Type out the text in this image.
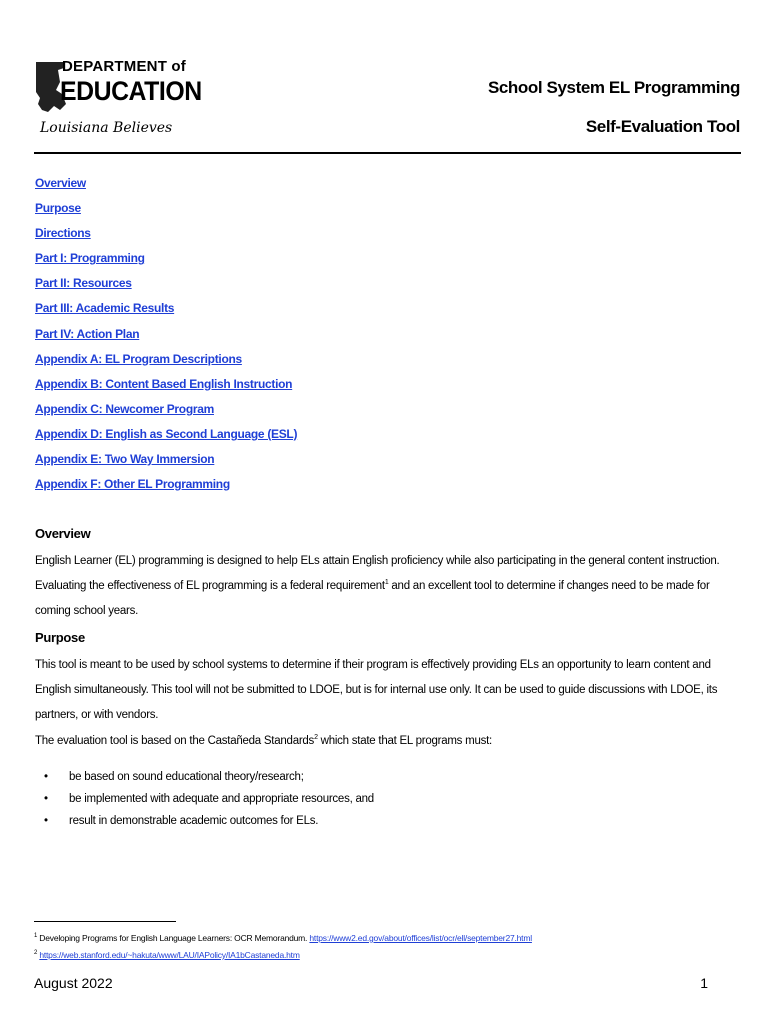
DEPARTMENT of
EDUCATION
Louisiana Believes
School System EL Programming
Self-Evaluation Tool
Overview
Purpose
Directions
Part I: Programming
Part II: Resources
Part III: Academic Results
Part IV: Action Plan
Appendix A: EL Program Descriptions
Appendix B: Content Based English Instruction
Appendix C: Newcomer Program
Appendix D: English as Second Language (ESL)
Appendix E: Two Way Immersion
Appendix F: Other EL Programming
Overview
English Learner (EL) programming is designed to help ELs attain English proficiency while also participating in the general content instruction. Evaluating the effectiveness of EL programming is a federal requirement$^1$ and an excellent tool to determine if changes need to be made for coming school years.
Purpose
This tool is meant to be used by school systems to determine if their program is effectively providing ELs an opportunity to learn content and English simultaneously. This tool will not be submitted to LDOE, but is for internal use only. It can be used to guide discussions with LDOE, its partners, or with vendors.
The evaluation tool is based on the Castañeda Standards$^2$ which state that EL programs must:
• be based on sound educational theory/research;
• be implemented with adequate and appropriate resources, and
• result in demonstrable academic outcomes for ELs.
$^1$ Developing Programs for English Language Learners: OCR Memorandum. https://www2.ed.gov/about/offices/list/ocr/ell/september27.html
$^2$ https://web.stanford.edu/~hakuta/www/LAU/IAPolicy/IA1bCastaneda.htm
August 2022	1
